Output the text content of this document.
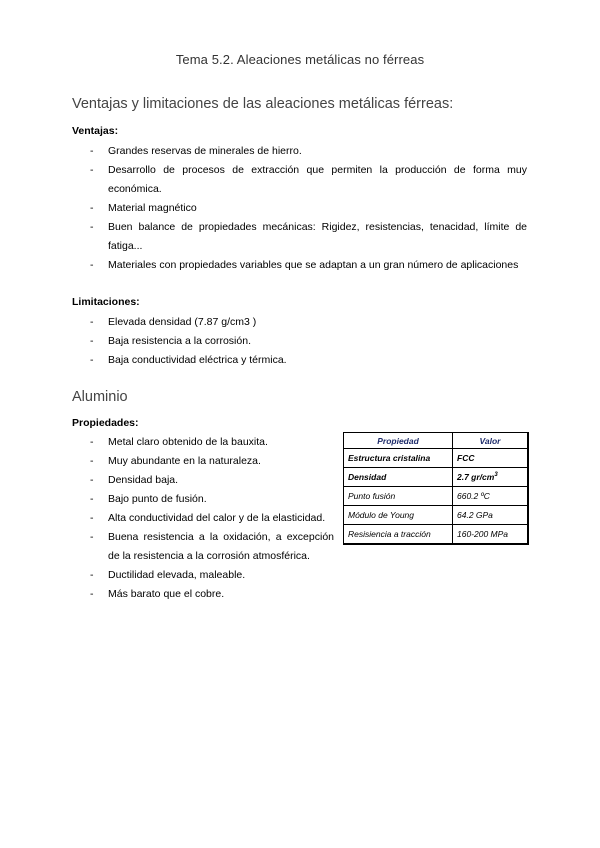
Tema 5.2. Aleaciones metálicas no férreas
Ventajas y limitaciones de las aleaciones metálicas férreas:
Ventajas:
- Grandes reservas de minerales de hierro.
- Desarrollo de procesos de extracción que permiten la producción de forma muy económica.
- Material magnético
- Buen balance de propiedades mecánicas: Rigidez, resistencias, tenacidad, límite de fatiga...
- Materiales con propiedades variables que se adaptan a un gran número de aplicaciones
Limitaciones:
- Elevada densidad (7.87 g/cm3 )
- Baja resistencia a la corrosión.
- Baja conductividad eléctrica y térmica.
Aluminio
Propiedades:
- Metal claro obtenido de la bauxita.
- Muy abundante en la naturaleza.
- Densidad baja.
- Bajo punto de fusión.
- Alta conductividad del calor y de la elasticidad.
- Buena resistencia a la oxidación, a excepción de la resistencia a la corrosión atmosférica.
- Ductilidad elevada, maleable.
- Más barato que el cobre.
Propiedad	Valor
Estructura cristalina	FCC
Densidad	2.7 $gr/cm^3$
Punto fusión	660.2 ºC
Módulo de Young	64.2 GPa
Resisiencia a tracción	160-200 MPa
